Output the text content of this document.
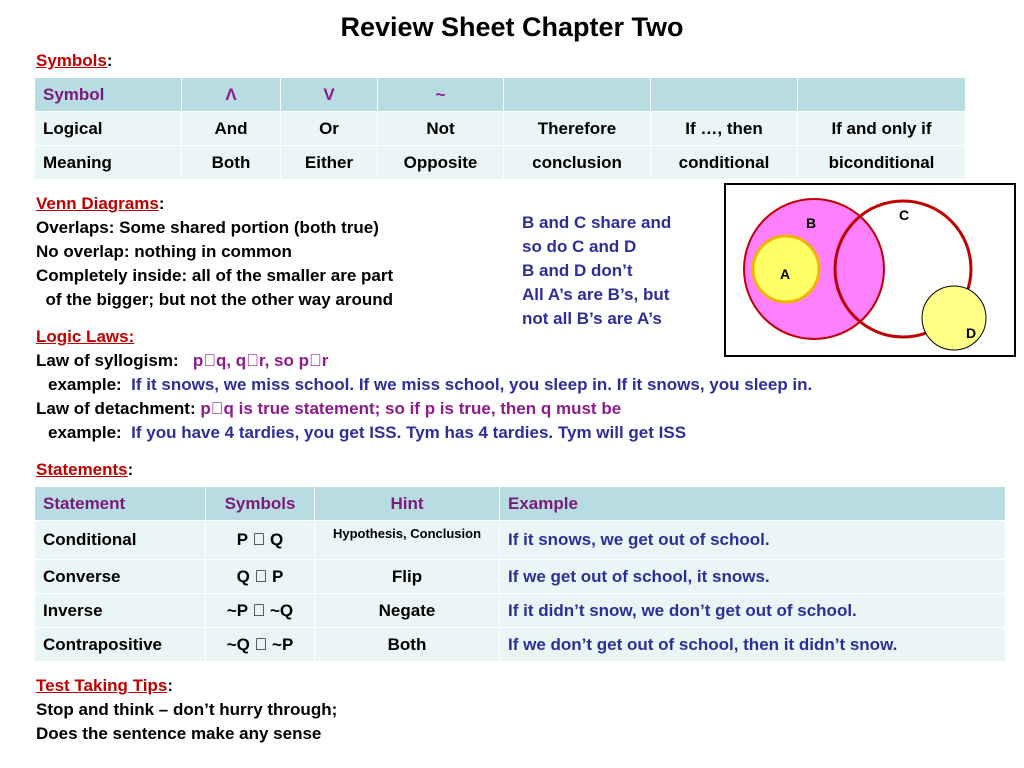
Review Sheet Chapter Two
Symbols:
Symbol	Λ	V	~			
Logical	And	Or	Not	Therefore	If …, then	If and only if
Meaning	Both	Either	Opposite	conclusion	conditional	biconditional
Venn Diagrams:
Overlaps: Some shared portion (both true)
No overlap: nothing in common
Completely inside: all of the smaller are part
of the bigger; but not the other way around
B and C share and
so do C and D
B and D don’t
All A’s are B’s, but
not all B’s are A’s
B	C
A
D
Logic Laws:
Law of syllogism: p q, q r, so p r
example: If it snows, we miss school. If we miss school, you sleep in. If it snows, you sleep in.
Law of detachment: p q is true statement; so if p is true, then q must be
example: If you have 4 tardies, you get ISS. Tym has 4 tardies. Tym will get ISS
Statements:
Statement	Symbols	Hint	Example
Conditional	P Q	Hypothesis, Conclusion	If it snows, we get out of school.
Converse	Q P	Flip	If we get out of school, it snows.
Inverse	~P ~Q	Negate	If it didn’t snow, we don’t get out of school.
Contrapositive	~Q ~P	Both	If we don’t get out of school, then it didn’t snow.
Test Taking Tips:
Stop and think – don’t hurry through;
Does the sentence make any sense
